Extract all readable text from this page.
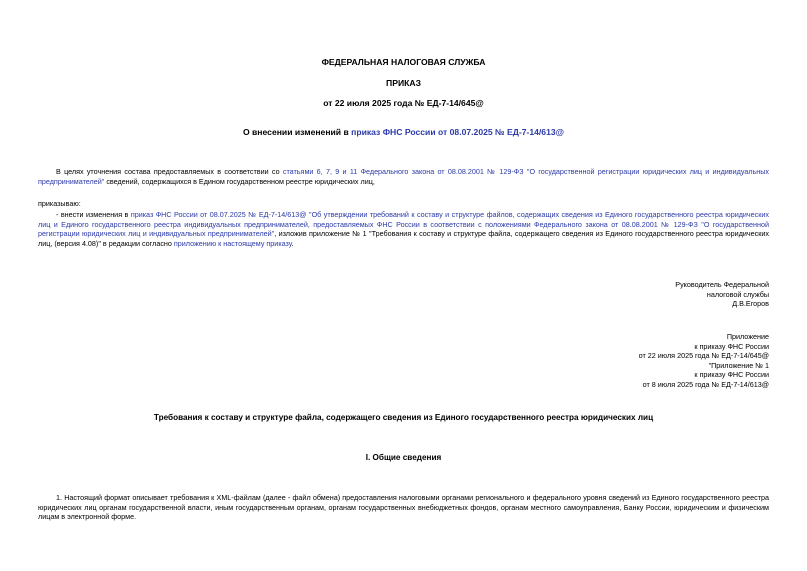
ФЕДЕРАЛЬНАЯ НАЛОГОВАЯ СЛУЖБА
ПРИКАЗ
от 22 июля 2025 года № ЕД-7-14/645@
О внесении изменений в приказ ФНС России от 08.07.2025 № ЕД-7-14/613@
В целях уточнения состава предоставляемых в соответствии со статьями 6, 7, 9 и 11 Федерального закона от 08.08.2001 № 129-ФЗ "О государственной регистрации юридических лиц и индивидуальных предпринимателей" сведений, содержащихся в Едином государственном реестре юридических лиц,
приказываю:
- внести изменения в приказ ФНС России от 08.07.2025 № ЕД-7-14/613@ "Об утверждении требований к составу и структуре файлов, содержащих сведения из Единого государственного реестра юридических лиц и Единого государственного реестра индивидуальных предпринимателей, предоставляемых ФНС России в соответствии с положениями Федерального закона от 08.08.2001 № 129-ФЗ "О государственной регистрации юридических лиц и индивидуальных предпринимателей", изложив приложение № 1 "Требования к составу и структуре файла, содержащего сведения из Единого государственного реестра юридических лиц, (версия 4.08)" в редакции согласно приложению к настоящему приказу.
Руководитель Федеральной
налоговой службы
Д.В.Егоров
Приложение
к приказу ФНС России
от 22 июля 2025 года № ЕД-7-14/645@
"Приложение № 1
к приказу ФНС России
от 8 июля 2025 года № ЕД-7-14/613@
Требования к составу и структуре файла, содержащего сведения из Единого государственного реестра юридических лиц
I. Общие сведения
1. Настоящий формат описывает требования к XML-файлам (далее - файл обмена) предоставления налоговыми органами регионального и федерального уровня сведений из Единого государственного реестра юридических лиц органам государственной власти, иным государственным органам, органам государственных внебюджетных фондов, органам местного самоуправления, Банку России, юридическим и физическим лицам в электронной форме.
